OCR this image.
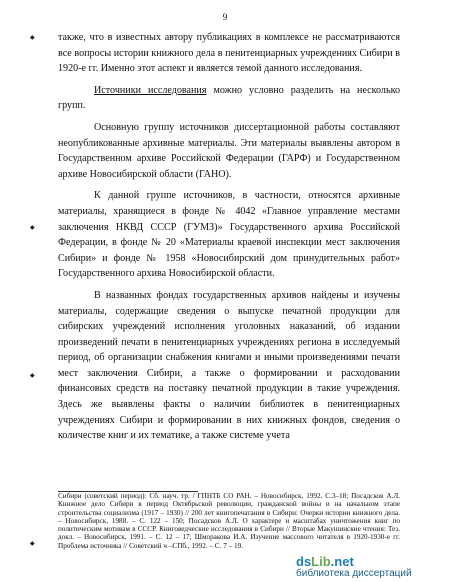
9

также, что в известных автору публикациях в комплексе не рассматриваются все вопросы истории книжного дела в пенитенциарных учреждениях Сибири в 1920-е гг. Именно этот аспект и является темой данного исследования.

Источники исследования можно условно разделить на несколько групп.

Основную группу источников диссертационной работы составляют неопубликованные архивные материалы. Эти материалы выявлены автором в Государственном архиве Российской Федерации (ГАРФ) и Государственном архиве Новосибирской области (ГАНО).

К данной группе источников, в частности, относятся архивные материалы, хранящиеся в фонде № 4042 «Главное управление местами заключения НКВД СССР (ГУМЗ)» Государственного архива Российской Федерации, в фонде № 20 «Материалы краевой инспекции мест заключения Сибири» и фонде № 1958 «Новосибирский дом принудительных работ» Государственного архива Новосибирской области.

В названных фондах государственных архивов найдены и изучены материалы, содержащие сведения о выпуске печатной продукции для сибирских учреждений исполнения уголовных наказаний, об издании произведений печати в пенитенциарных учреждениях региона в исследуемый период, об организации снабжения книгами и иными произведениями печати мест заключения Сибири, а также о формировании и расходовании финансовых средств на поставку печатной продукции в такие учреждения. Здесь же выявлены факты о наличии библиотек в пенитенциарных учреждениях Сибири и формировании в них книжных фондов, сведения о количестве книг и их тематике, а также системе учета

Сибири (советский период): Сб. науч. тр. / ГПНТБ СО РАН. – Новосибирск, 1992. С.3–18; Посадсков А.Л. Книжное дело Сибири в период Октябрьской революции, гражданской войны и на начальном этапе строительства социализма (1917 – 1930) // 200 лет книгопечатания в Сибири: Очерки истории книжного дела. – Новосибирск, 1988. – С. 122 – 150; Посадсков А.Л. О характере и масштабах уничтожения книг по политическим мотивам в СССР. Книговедческие исследования в Сибири // Вторые Макушинские чтения: Тез. докл. – Новосибирск, 1991. – С. 12 – 17; Шморакова И.А. Изучение массового читателя в 1920-1930-е гг. Проблема источника // Советский ч –СПб., 1992. – С. 7 – 19.
◆
◆
◆
◆
dsLib.net
библиотека диссертаций
